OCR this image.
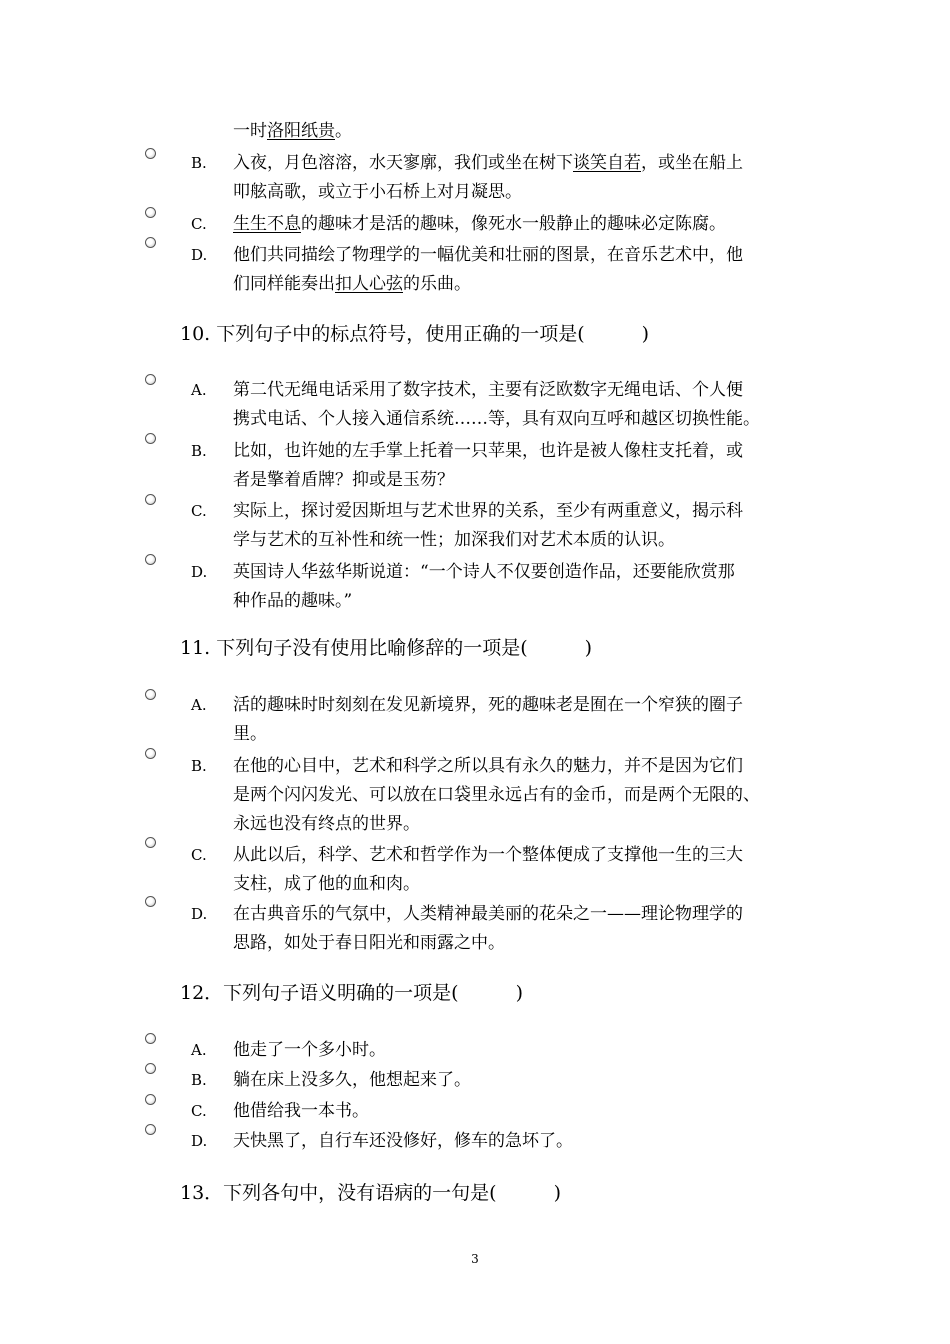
一时洛阳纸贵。
B.	入夜，月色溶溶，水天寥廓，我们或坐在树下谈笑自若，或坐在船上
叩舷高歌，或立于小石桥上对月凝思。
C.	生生不息的趣味才是活的趣味，像死水一般静止的趣味必定陈腐。
D.	他们共同描绘了物理学的一幅优美和壮丽的图景，在音乐艺术中，他
们同样能奏出扣人心弦的乐曲。
10. 下列句子中的标点符号，使用正确的一项是(　　　)
A.	第二代无绳电话采用了数字技术，主要有泛欧数字无绳电话、个人便
携式电话、个人接入通信系统……等，具有双向互呼和越区切换性能。
B.	比如，也许她的左手掌上托着一只苹果，也许是被人像柱支托着，或
者是擎着盾牌？抑或是玉芴？
C.	实际上，探讨爱因斯坦与艺术世界的关系，至少有两重意义，揭示科
学与艺术的互补性和统一性；加深我们对艺术本质的认识。
D.	英国诗人华兹华斯说道：“一个诗人不仅要创造作品，还要能欣赏那
种作品的趣味。”
11. 下列句子没有使用比喻修辞的一项是(　　　)
A.	活的趣味时时刻刻在发见新境界，死的趣味老是囿在一个窄狭的圈子
里。
B.	在他的心目中，艺术和科学之所以具有永久的魅力，并不是因为它们
是两个闪闪发光、可以放在口袋里永远占有的金币，而是两个无限的、
永远也没有终点的世界。
C.	从此以后，科学、艺术和哲学作为一个整体便成了支撑他一生的三大
支柱，成了他的血和肉。
D.	在古典音乐的气氛中，人类精神最美丽的花朵之一——理论物理学的
思路，如处于春日阳光和雨露之中。
12．下列句子语义明确的一项是(　　　)
A.	他走了一个多小时。
B.	躺在床上没多久，他想起来了。
C.	他借给我一本书。
D.	天快黑了，自行车还没修好，修车的急坏了。
13．下列各句中，没有语病的一句是(　　　)
3
